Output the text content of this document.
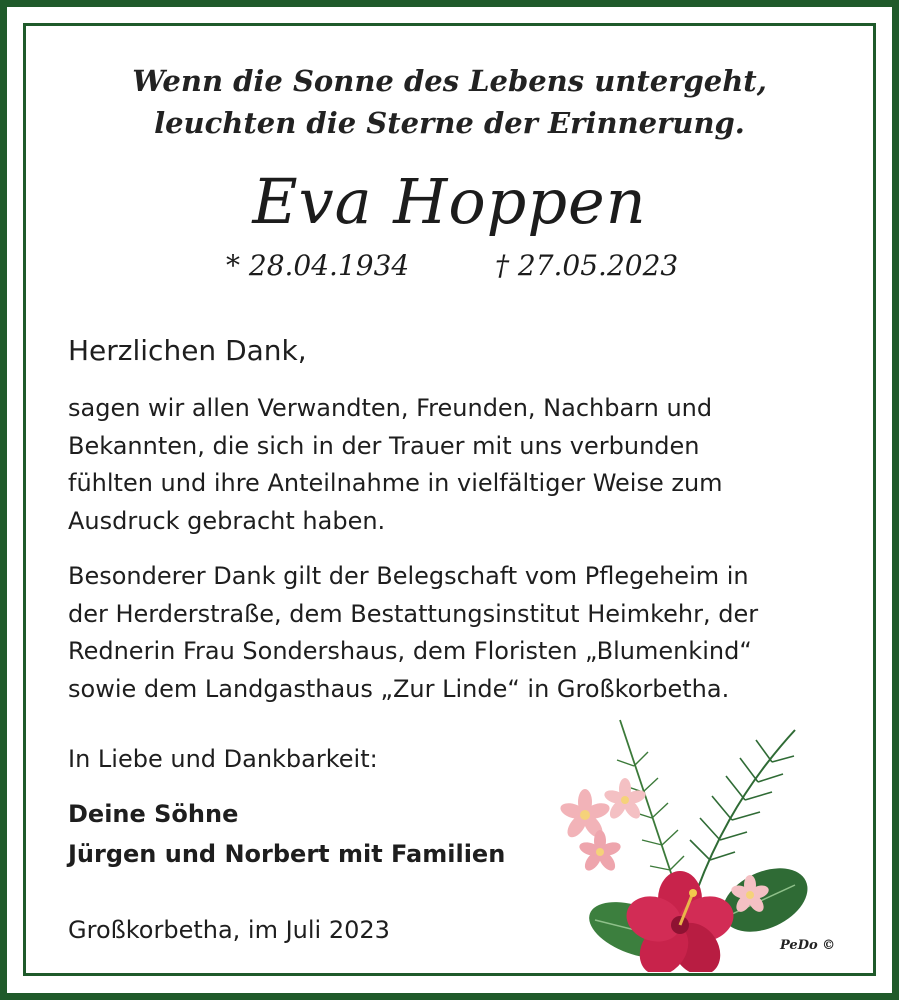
Wenn die Sonne des Lebens untergeht,
leuchten die Sterne der Erinnerung.
Eva Hoppen
* 28.04.1934	† 27.05.2023
Herzlichen Dank,
sagen wir allen Verwandten, Freunden, Nachbarn und
Bekannten, die sich in der Trauer mit uns verbunden
fühlten und ihre Anteilnahme in vielfältiger Weise zum
Ausdruck gebracht haben.
Besonderer Dank gilt der Belegschaft vom Pflegeheim in
der Herderstraße, dem Bestattungsinstitut Heimkehr, der
Rednerin Frau Sondershaus, dem Floristen „Blumenkind“
sowie dem Landgasthaus „Zur Linde“ in Großkorbetha.
In Liebe und Dankbarkeit:
Deine Söhne
Jürgen und Norbert mit Familien
Großkorbetha, im Juli 2023
PeDo ©
